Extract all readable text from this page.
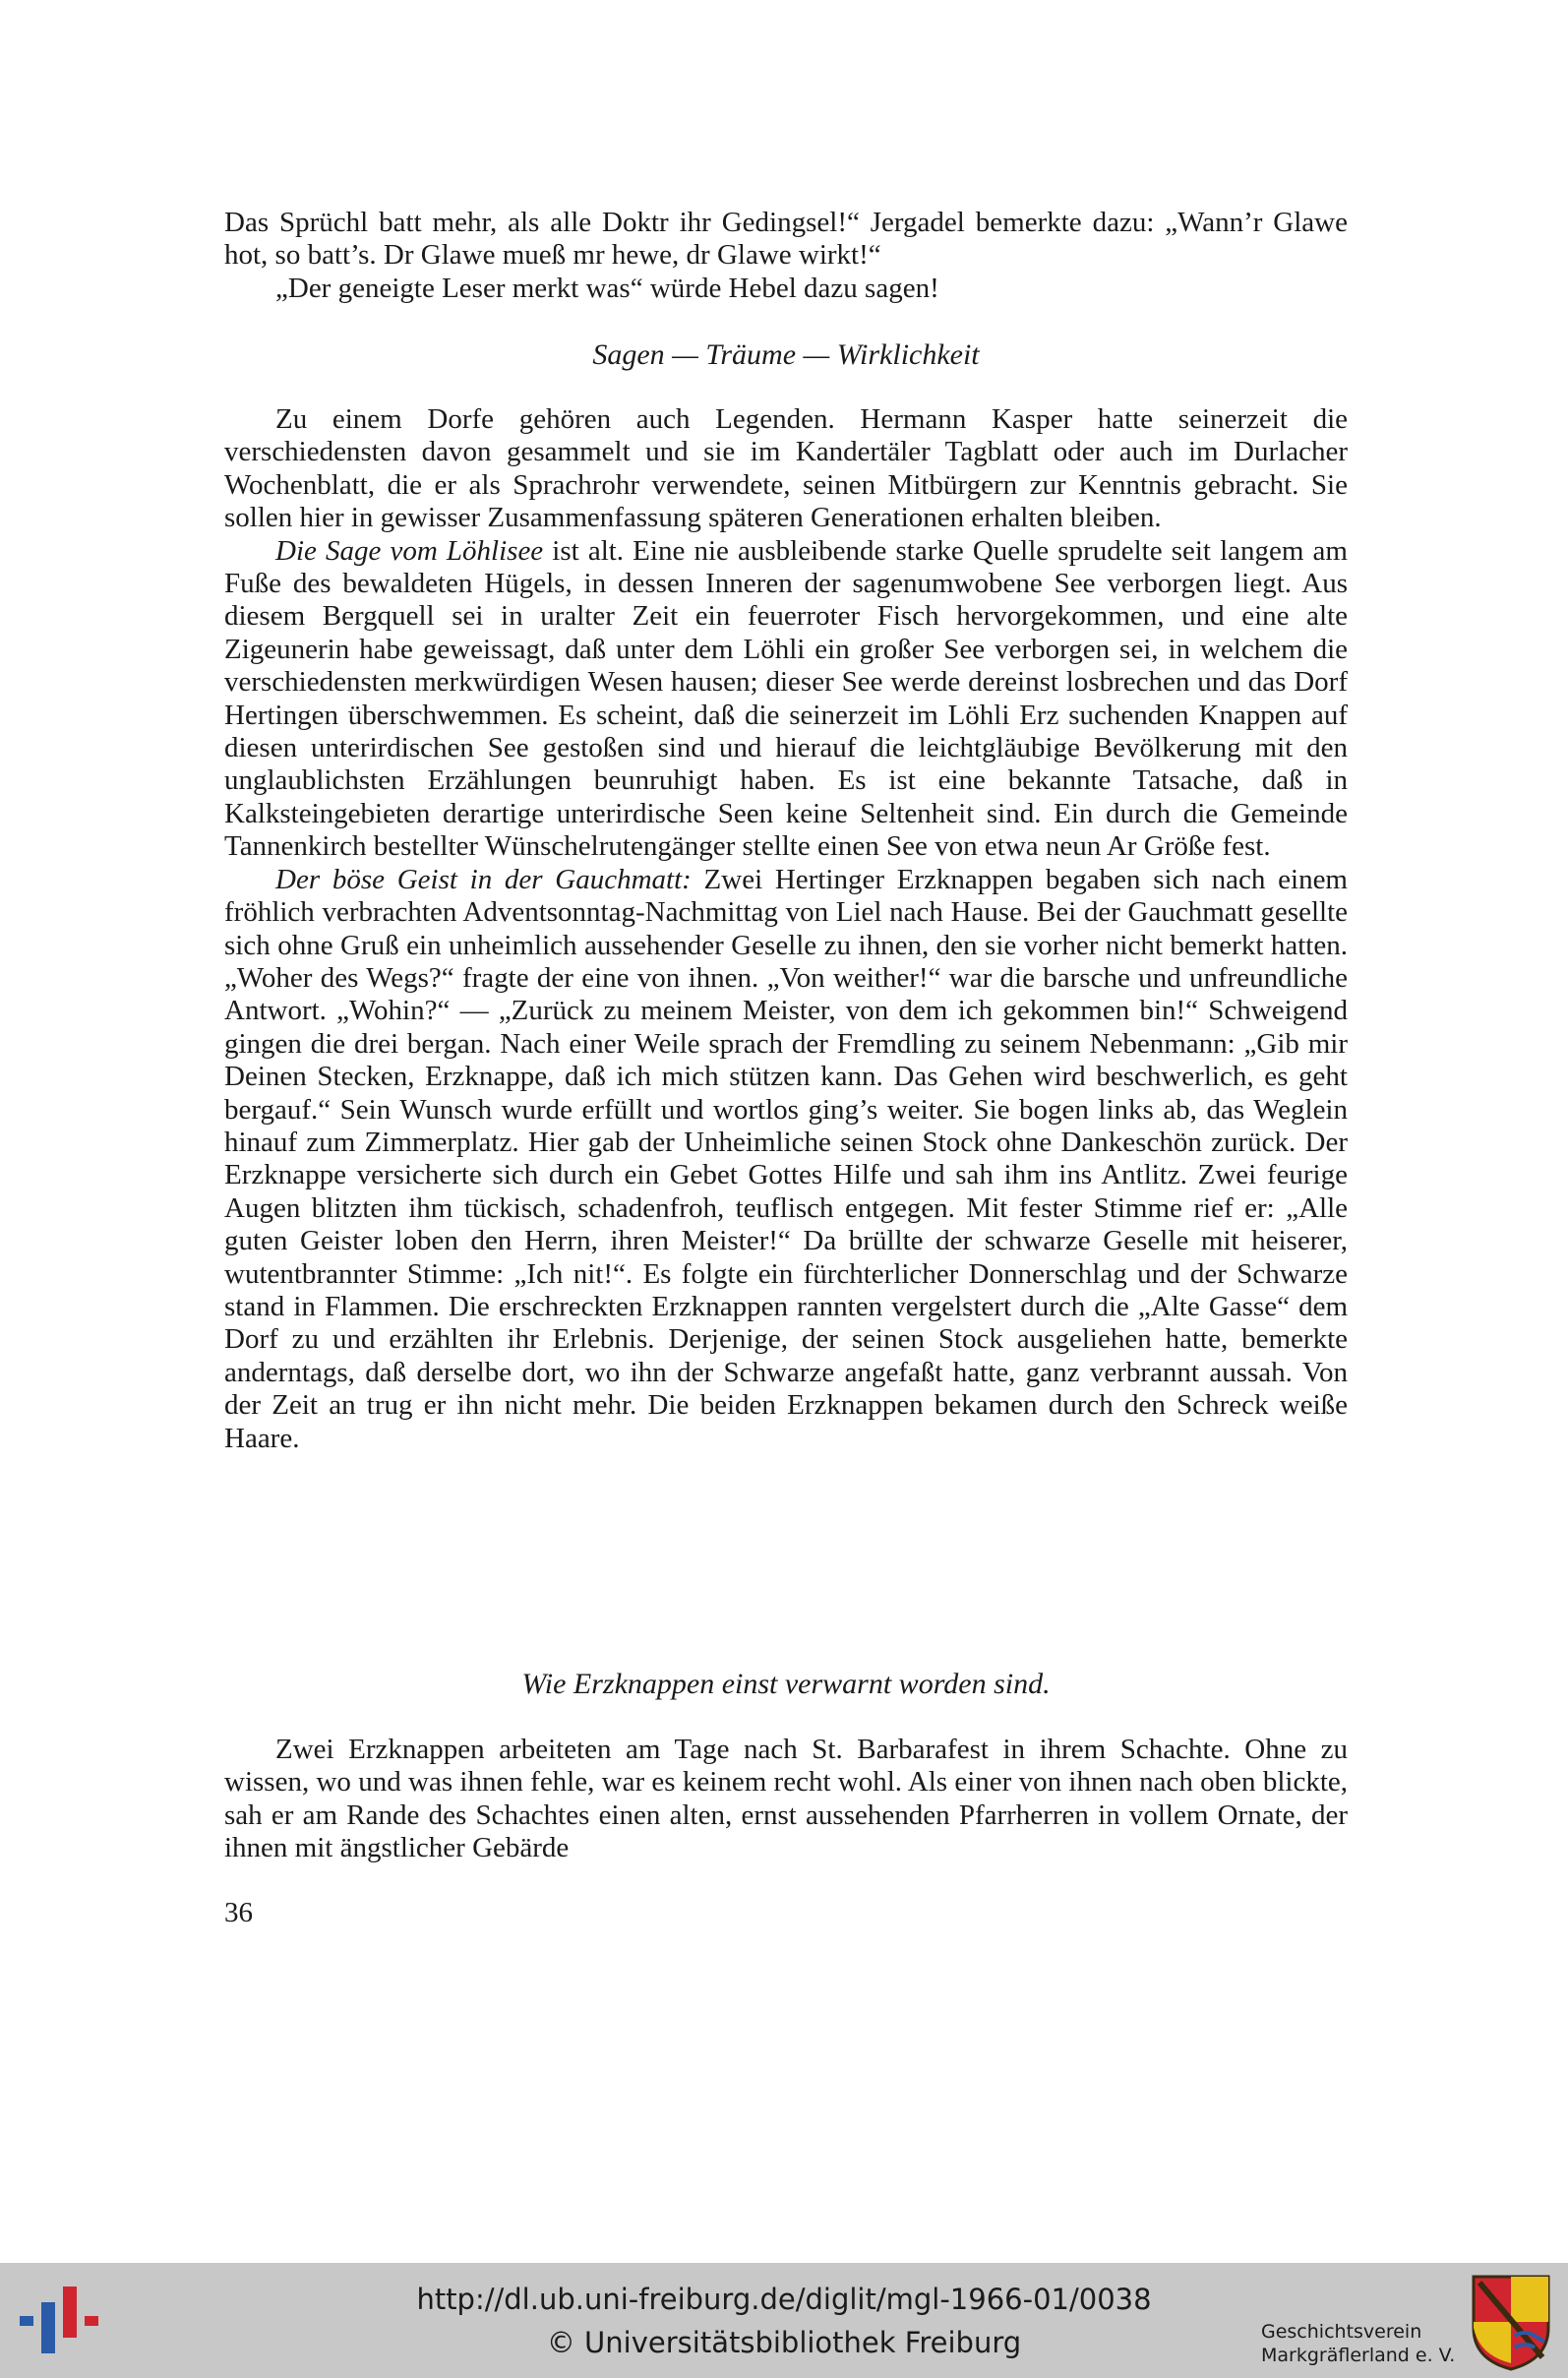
Das Sprüchl batt mehr, als alle Doktr ihr Gedingsel!“ Jergadel bemerkte dazu: „Wann’r Glawe hot, so batt’s. Dr Glawe mueß mr hewe, dr Glawe wirkt!“

„Der geneigte Leser merkt was“ würde Hebel dazu sagen!

Sagen — Träume — Wirklichkeit

Zu einem Dorfe gehören auch Legenden. Hermann Kasper hatte seinerzeit die verschiedensten davon gesammelt und sie im Kandertäler Tagblatt oder auch im Durlacher Wochenblatt, die er als Sprachrohr verwendete, seinen Mitbürgern zur Kenntnis gebracht. Sie sollen hier in gewisser Zusammenfassung späteren Generationen erhalten bleiben.

Die Sage vom Löhlisee ist alt. Eine nie ausbleibende starke Quelle sprudelte seit langem am Fuße des bewaldeten Hügels, in dessen Inneren der sagenumwobene See verborgen liegt. Aus diesem Bergquell sei in uralter Zeit ein feuerroter Fisch hervorgekommen, und eine alte Zigeunerin habe geweissagt, daß unter dem Löhli ein großer See verborgen sei, in welchem die verschiedensten merkwürdigen Wesen hausen; dieser See werde dereinst losbrechen und das Dorf Hertingen überschwemmen. Es scheint, daß die seinerzeit im Löhli Erz suchenden Knappen auf diesen unterirdischen See gestoßen sind und hierauf die leichtgläubige Bevölkerung mit den unglaublichsten Erzählungen beunruhigt haben. Es ist eine bekannte Tatsache, daß in Kalksteingebieten derartige unterirdische Seen keine Seltenheit sind. Ein durch die Gemeinde Tannenkirch bestellter Wünschelrutengänger stellte einen See von etwa neun Ar Größe fest.

Der böse Geist in der Gauchmatt: Zwei Hertinger Erzknappen begaben sich nach einem fröhlich verbrachten Adventsonntag-Nachmittag von Liel nach Hause. Bei der Gauchmatt gesellte sich ohne Gruß ein unheimlich aussehender Geselle zu ihnen, den sie vorher nicht bemerkt hatten. „Woher des Wegs?“ fragte der eine von ihnen. „Von weither!“ war die barsche und unfreundliche Antwort. „Wohin?“ — „Zurück zu meinem Meister, von dem ich gekommen bin!“ Schweigend gingen die drei bergan. Nach einer Weile sprach der Fremdling zu seinem Nebenmann: „Gib mir Deinen Stecken, Erzknappe, daß ich mich stützen kann. Das Gehen wird beschwerlich, es geht bergauf.“ Sein Wunsch wurde erfüllt und wortlos ging’s weiter. Sie bogen links ab, das Weglein hinauf zum Zimmerplatz. Hier gab der Unheimliche seinen Stock ohne Dankeschön zurück. Der Erzknappe versicherte sich durch ein Gebet Gottes Hilfe und sah ihm ins Antlitz. Zwei feurige Augen blitzten ihm tückisch, schadenfroh, teuflisch entgegen. Mit fester Stimme rief er: „Alle guten Geister loben den Herrn, ihren Meister!“ Da brüllte der schwarze Geselle mit heiserer, wutentbrannter Stimme: „Ich nit!“. Es folgte ein fürchterlicher Donnerschlag und der Schwarze stand in Flammen. Die erschreckten Erzknappen rannten vergelstert durch die „Alte Gasse“ dem Dorf zu und erzählten ihr Erlebnis. Derjenige, der seinen Stock ausgeliehen hatte, bemerkte anderntags, daß derselbe dort, wo ihn der Schwarze angefaßt hatte, ganz verbrannt aussah. Von der Zeit an trug er ihn nicht mehr. Die beiden Erzknappen bekamen durch den Schreck weiße Haare.

Wie Erzknappen einst verwarnt worden sind.

Zwei Erzknappen arbeiteten am Tage nach St. Barbarafest in ihrem Schachte. Ohne zu wissen, wo und was ihnen fehle, war es keinem recht wohl. Als einer von ihnen nach oben blickte, sah er am Rande des Schachtes einen alten, ernst aussehenden Pfarrherren in vollem Ornate, der ihnen mit ängstlicher Gebärde

36
http://dl.ub.uni-freiburg.de/diglit/mgl-1966-01/0038
© Universitätsbibliothek Freiburg	Geschichtsverein
Markgräflerland e. V.
